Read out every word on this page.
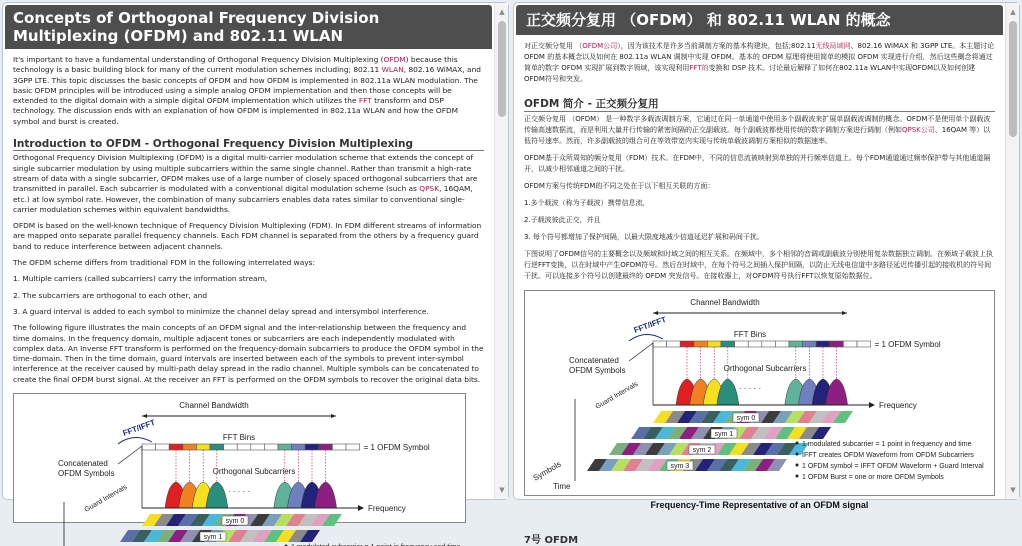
Concepts of Orthogonal Frequency Division Multiplexing (OFDM) and 802.11 WLAN

It's important to have a fundamental understanding of Orthogonal Frequency Division Multiplexing (OFDM) because this technology is a basic building block for many of the current modulation schemes including; 802.11 WLAN, 802.16 WiMAX, and 3GPP LTE. This topic discusses the basic concepts of OFDM and how OFDM is implemented in 802.11a WLAN modulation. The basic OFDM principles will be introduced using a simple analog OFDM implementation and then those concepts will be extended to the digital domain with a simple digital OFDM implementation which utilizes the FFT transform and DSP technology. The discussion ends with an explanation of how OFDM is implemented in 802.11a WLAN and how the OFDM symbol and burst is created.

Introduction to OFDM - Orthogonal Frequency Division Multiplexing

Orthogonal Frequency Division Multiplexing (OFDM) is a digital multi-carrier modulation scheme that extends the concept of single subcarrier modulation by using multiple subcarriers within the same single channel. Rather than transmit a high-rate stream of data with a single subcarrier, OFDM makes use of a large number of closely spaced orthogonal subcarriers that are transmitted in parallel. Each subcarrier is modulated with a conventional digital modulation scheme (such as QPSK, 16QAM, etc.) at low symbol rate. However, the combination of many subcarriers enables data rates similar to conventional single-carrier modulation schemes within equivalent bandwidths.

OFDM is based on the well-known technique of Frequency Division Multiplexing (FDM). In FDM different streams of information are mapped onto separate parallel frequency channels. Each FDM channel is separated from the others by a frequency guard band to reduce interference between adjacent channels.

The OFDM scheme differs from traditional FDM in the following interrelated ways:

1. Multiple carriers (called subcarriers) carry the information stream,

2. The subcarriers are orthogonal to each other, and

3. A guard interval is added to each symbol to minimize the channel delay spread and intersymbol interference.

The following figure illustrates the main concepts of an OFDM signal and the inter-relationship between the frequency and time domains. In the frequency domain, multiple adjacent tones or subcarriers are each independently modulated with complex data. An Inverse FFT transform is performed on the frequency-domain subcarriers to produce the OFDM symbol in the time-domain. Then in the time domain, guard intervals are inserted between each of the symbols to prevent inter-symbol interference at the receiver caused by multi-path delay spread in the radio channel. Multiple symbols can be concatenated to create the final OFDM burst signal. At the receiver an FFT is performed on the OFDM symbols to recover the original data bits.

Channel Bandwidth
FFT/IFFT	FFT Bins
= 1 OFDM Symbol
Concatenated
OFDM Symbols	Orthogonal Subcarriers
· · · · ·
Frequency
Guard Intervals
sym 0
sym 1
▲
▼
正交频分复用 （OFDM） 和 802.11 WLAN 的概念

对正交频分复用 （OFDM公司），因为该技术是许多当前调制方案的基本构建块，包括;802.11无线局域网、802.16 WiMAX 和 3GPP LTE。本主题讨论 OFDM 的基本概念以及如何在 802.11a WLAN 调制中实现 OFDM。基本的 OFDM 原理将使用简单的模拟 OFDM 实现进行介绍，然后这些概念将通过简单的数字 OFDM 实现扩展到数字领域，该实现利用FFT的变换和 DSP 技术。讨论最后解释了如何在802.11a WLAN中实现OFDM以及如何创建OFDM符号和突发。

OFDM 简介 - 正交频分复用

正交频分复用 （OFDM） 是一种数字多载波调制方案，它通过在同一单通道中使用多个副载波来扩展单副载波调制的概念。OFDM不是使用单个副载波传输高速数据流，而是利用大量并行传输的紧密间隔的正交副载波。每个副载波都使用传统的数字调制方案进行调制（例如QPSK公司、16QAM 等）以低符号速率。然而，许多副载波的组合可在等效带宽内实现与传统单载波调制方案相似的数据速率。

OFDM基于众所周知的频分复用（FDM）技术。在FDM中，不同的信息流被映射到单独的并行频率信道上。每个FDM通道通过频率保护带与其他通道隔开，以减少相邻通道之间的干扰。

OFDM方案与传统FDM的不同之处在于以下相互关联的方面：

1.多个载波（称为子载波）携带信息流，

2.子载波彼此正交，并且

3. 每个符号都增加了保护间隔，以最大限度地减少信道延迟扩展和码间干扰。

下图说明了OFDM信号的主要概念以及频域和时域之间的相互关系。在频域中，多个相邻的音调或副载波分别使用复杂数据独立调制。在频域子载波上执行逆FFT变换，以在时域中产生OFDM符号。然后在时域中，在每个符号之间插入保护间隔，以防止无线电信道中多路径延迟传播引起的接收机的符号间干扰。可以连接多个符号以创建最终的 OFDM 突发信号。在接收器上，对OFDM符号执行FFT以恢复原始数据位。

Channel Bandwidth
FFT/IFFT	FFT Bins
= 1 OFDM Symbol
Concatenated
OFDM Symbols	Orthogonal Subcarriers
· · · · ·
Frequency
Guard Intervals
sym 0
sym 1
sym 2
sym 3
Symbols
Time
1 modulated subcarrier = 1 point in frequency and time
IFFT creates OFDM Waveform from OFDM Subcarriers
1 OFDM symbol = IFFT OFDM Waveform + Guard Interval
1 OFDM Burst = one or more OFDM Symbols
Frequency-Time Representative of an OFDM signal
7号 OFDM
▲
▼
